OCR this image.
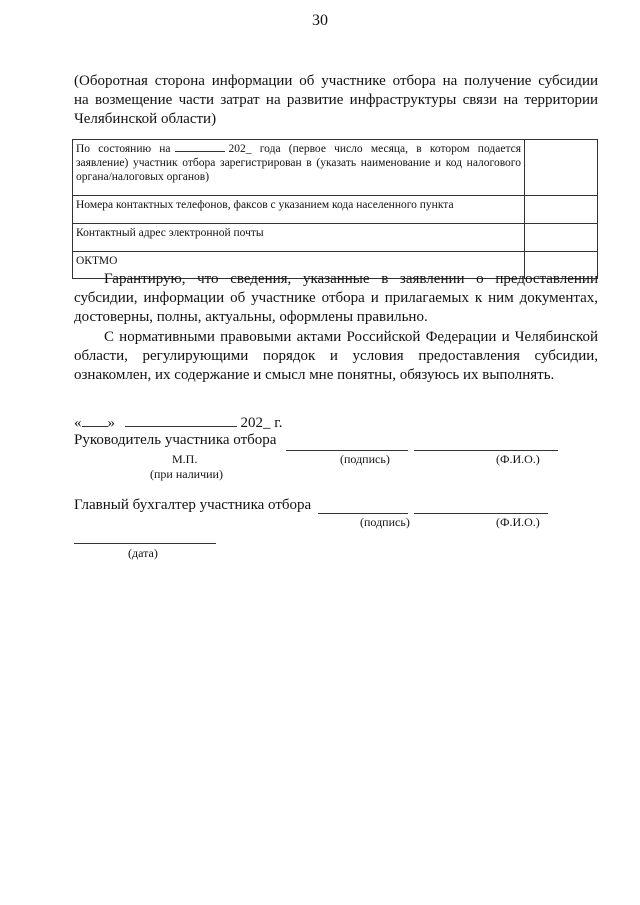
30
(Оборотная сторона информации об участнике отбора на получение субсидии
на возмещение части затрат на развитие инфраструктуры связи на территории
Челябинской области)
По состоянию на 202_ года (первое число месяца, в котором подается заявление) участник отбора зарегистрирован в (указать наименование и код налогового органа/налоговых органов)	

Номера контактных телефонов, факсов с указанием кода населенного пункта	
Контактный адрес электронной почты	
ОКТМО	
Гарантирую, что сведения, указанные в заявлении о предоставлении субсидии, информации об участнике отбора и прилагаемых к ним документах, достоверны, полны, актуальны, оформлены правильно.
С нормативными правовыми актами Российской Федерации и Челябинской области, регулирующими порядок и условия предоставления субсидии, ознакомлен, их содержание и смысл мне понятны, обязуюсь их выполнять.
« »	202_ г.
Руководитель участника отбора
М.П.	(подпись)	(Ф.И.О.)
(при наличии)
Главный бухгалтер участника отбора
(подпись)	(Ф.И.О.)
(дата)
